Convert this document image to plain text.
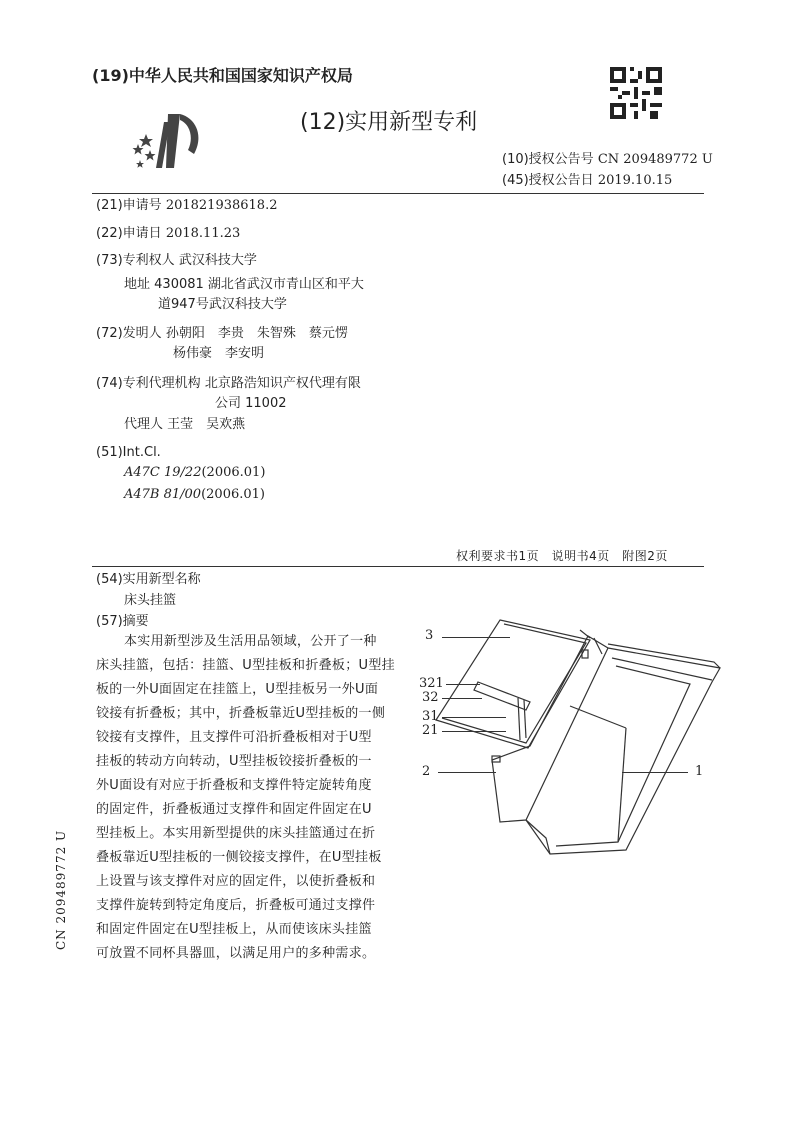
(19)中华人民共和国国家知识产权局
(12)实用新型专利
(10)授权公告号 CN 209489772 U
(45)授权公告日 2019.10.15
(21)申请号 201821938618.2
(22)申请日 2018.11.23
(73)专利权人 武汉科技大学
地址 430081 湖北省武汉市青山区和平大
道947号武汉科技大学
(72)发明人 孙朝阳　李贵　朱智殊　蔡元愣
杨伟豪　李安明
(74)专利代理机构 北京路浩知识产权代理有限
公司 11002
代理人 王莹　吴欢燕
(51)Int.Cl.
A47C 19/22(2006.01)
A47B 81/00(2006.01)
权利要求书1页　说明书4页　附图2页
(54)实用新型名称
床头挂篮
(57)摘要
本实用新型涉及生活用品领域，公开了一种
床头挂篮，包括：挂篮、U型挂板和折叠板；U型挂
板的一外U面固定在挂篮上，U型挂板另一外U面
铰接有折叠板；其中，折叠板靠近U型挂板的一侧
铰接有支撑件，且支撑件可沿折叠板相对于U型
挂板的转动方向转动，U型挂板铰接折叠板的一
外U面设有对应于折叠板和支撑件特定旋转角度
的固定件，折叠板通过支撑件和固定件固定在U
型挂板上。本实用新型提供的床头挂篮通过在折
叠板靠近U型挂板的一侧铰接支撑件，在U型挂板
上设置与该支撑件对应的固定件，以使折叠板和
支撑件旋转到特定角度后，折叠板可通过支撑件
和固定件固定在U型挂板上，从而使该床头挂篮
可放置不同杯具器皿，以满足用户的多种需求。
3
321
32
31
21
2	1
CN 209489772 U
